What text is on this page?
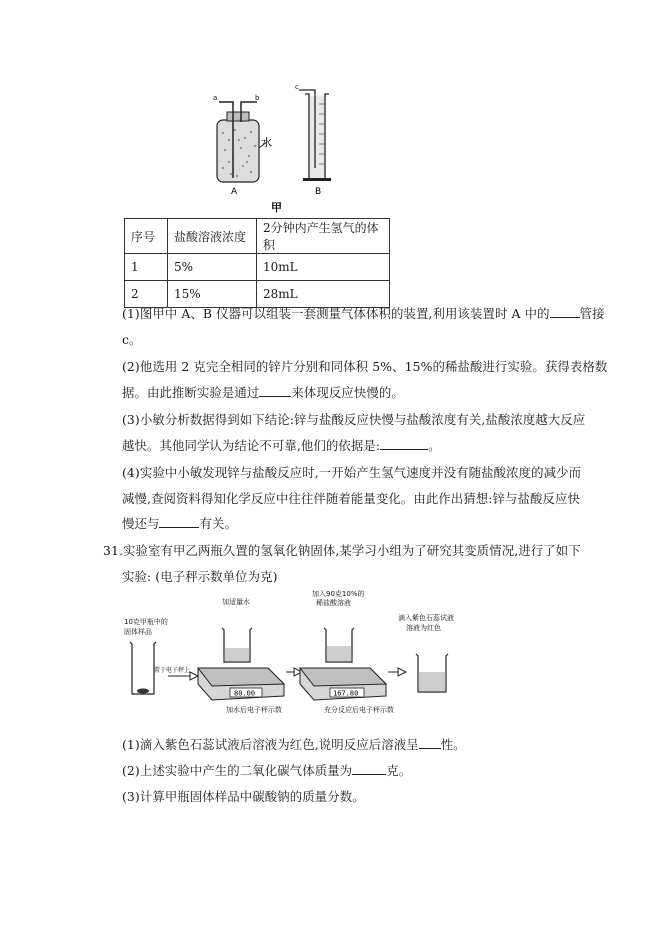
a	b
水
A
c
B
甲
序号	盐酸溶液浓度	2分钟内产生氢气的体积
1	5%	10mL
2	15%	28mL
(1)图甲中 A、B 仪器可以组装一套测量气体体积的装置,利用该装置时 A 中的 管接
c。
(2)他选用 2 克完全相同的锌片分别和同体积 5%、15%的稀盐酸进行实验。获得表格数
据。由此推断实验是通过	来体现反应快慢的。
(3)小敏分析数据得到如下结论:锌与盐酸反应快慢与盐酸浓度有关,盐酸浓度越大反应
越快。其他同学认为结论不可靠,他们的依据是:	。
(4)实验中小敏发现锌与盐酸反应时,一开始产生氢气速度并没有随盐酸浓度的减少而
减慢,查阅资料得知化学反应中往往伴随着能量变化。由此作出猜想:锌与盐酸反应快
慢还与	有关。
31.实验室有甲乙两瓶久置的氢氧化钠固体,某学习小组为了研究其变质情况,进行了如下
实验: (电子秤示数单位为克)
10克甲瓶中的
固体样品
置于电子秤上
加适量水
80.00
加水后电子秤示数
加入90克10%的
稀盐酸溶液
167.80
充分反应后电子秤示数
滴入紫色石蕊试液
溶液为红色
(1)滴入紫色石蕊试液后溶液为红色,说明反应后溶液呈 性。
(2)上述实验中产生的二氧化碳气体质量为	克。
(3)计算甲瓶固体样品中碳酸钠的质量分数。
